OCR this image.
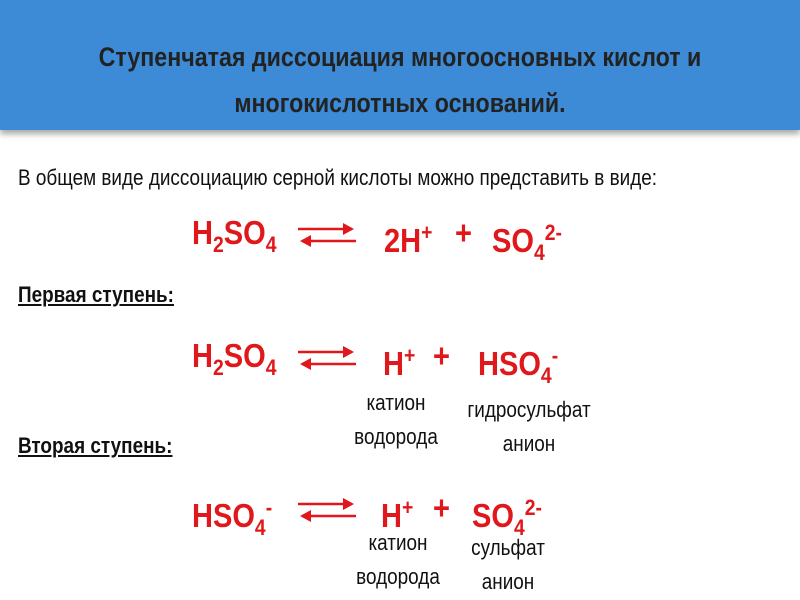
Ступенчатая диссоциация многоосновных кислот и
многокислотных оснований.
В общем виде диссоциацию серной кислоты можно представить в виде:
$H_2SO_4$ ⇌ $2H^+ + SO_4^{2-}$
Первая ступень:
$H_2SO_4$ ⇌ $H^+ + HSO_4^-$
катион
водорода
гидросульфат
анион
Вторая ступень:
$HSO_4^-$ ⇌ $H^+ + SO_4^{2-}$
катион
водорода
сульфат
анион
